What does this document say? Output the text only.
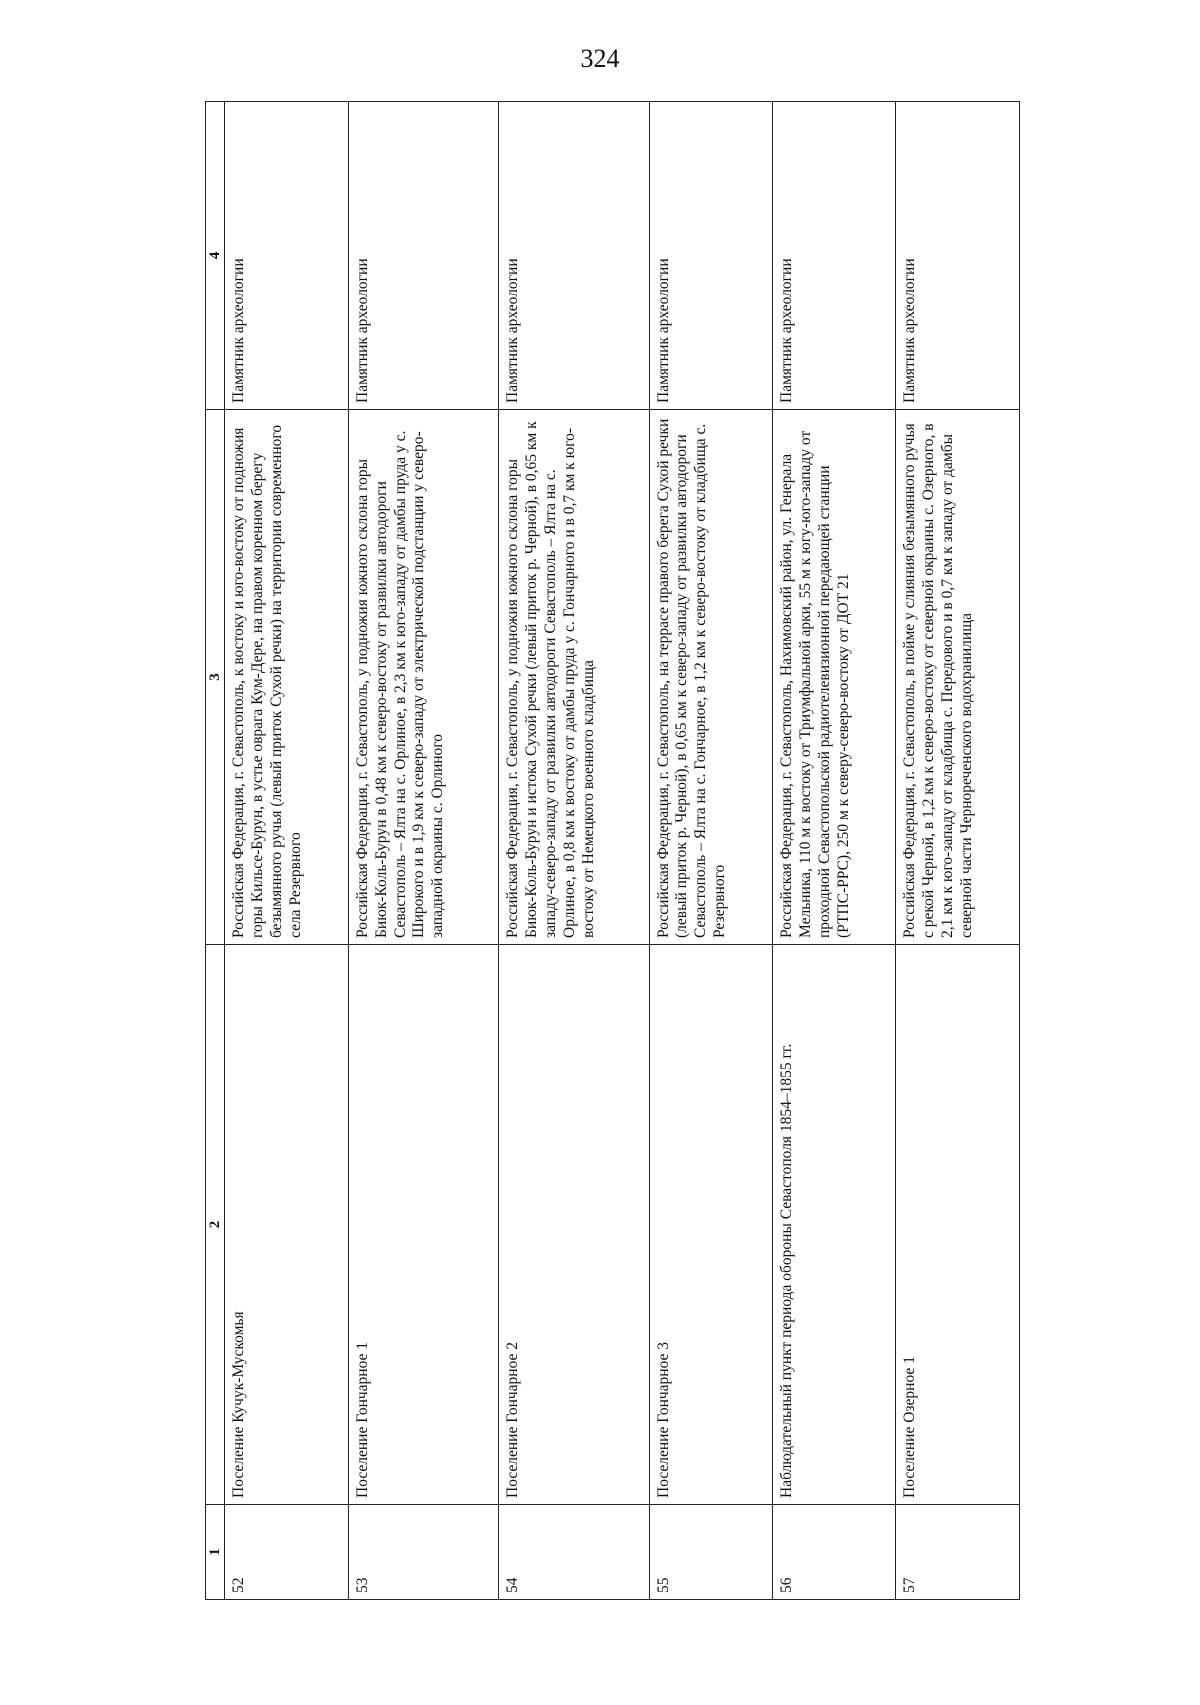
324
1	2	3	4
52	Поселение Кучук-Мускомья	Российская Федерация, г. Севастополь, к востоку и юго-востоку от подножия горы Кильсе-Бурун, в устье оврага Кум-Дере, на правом коренном берегу безымянного ручья (левый приток Сухой речки) на территории современного села Резервного	Памятник археологии
53	Поселение Гончарное 1	Российская Федерация, г. Севастополь, у подножия южного склона горы Биюк-Коль-Бурун в 0,48 км к северо-востоку от развилки автодороги Севастополь – Ялта на с. Орлиное, в 2,3 км к юго-западу от дамбы пруда у с. Широкого и в 1,9 км к северо-западу от электрической подстанции у северо-западной окраины с. Орлиного	Памятник археологии
54	Поселение Гончарное 2	Российская Федерация, г. Севастополь, у подножия южного склона горы Биюк-Коль-Бурун и истока Сухой речки (левый приток р. Черной), в 0,65 км к западу-северо-западу от развилки автодороги Севастополь – Ялта на с. Орлиное, в 0,8 км к востоку от дамбы пруда у с. Гончарного и в 0,7 км к юго-востоку от Немецкого военного кладбища	Памятник археологии
55	Поселение Гончарное 3	Российская Федерация, г. Севастополь, на террасе правого берега Сухой речки (левый приток р. Черной), в 0,65 км к северо-западу от развилки автодороги Севастополь – Ялта на с. Гончарное, в 1,2 км к северо-востоку от кладбища с. Резервного	Памятник археологии
56	Наблюдательный пункт периода обороны Севастополя 1854–1855 гг.	Российская Федерация, г. Севастополь, Нахимовский район, ул. Генерала Мельника, 110 м к востоку от Триумфальной арки, 55 м к югу-юго-западу от проходной Севастопольской радиотелевизионной передающей станции (РТПС-РРС), 250 м к северу-северо-востоку от ДОТ 21	Памятник археологии
57	Поселение Озерное 1	Российская Федерация, г. Севастополь, в пойме у слияния безымянного ручья с рекой Черной, в 1,2 км к северо-востоку от северной окраины с. Озерного, в 2,1 км к юго-западу от кладбища с. Передового и в 0,7 км к западу от дамбы северной части Чернореченского водохранилища	Памятник археологии
